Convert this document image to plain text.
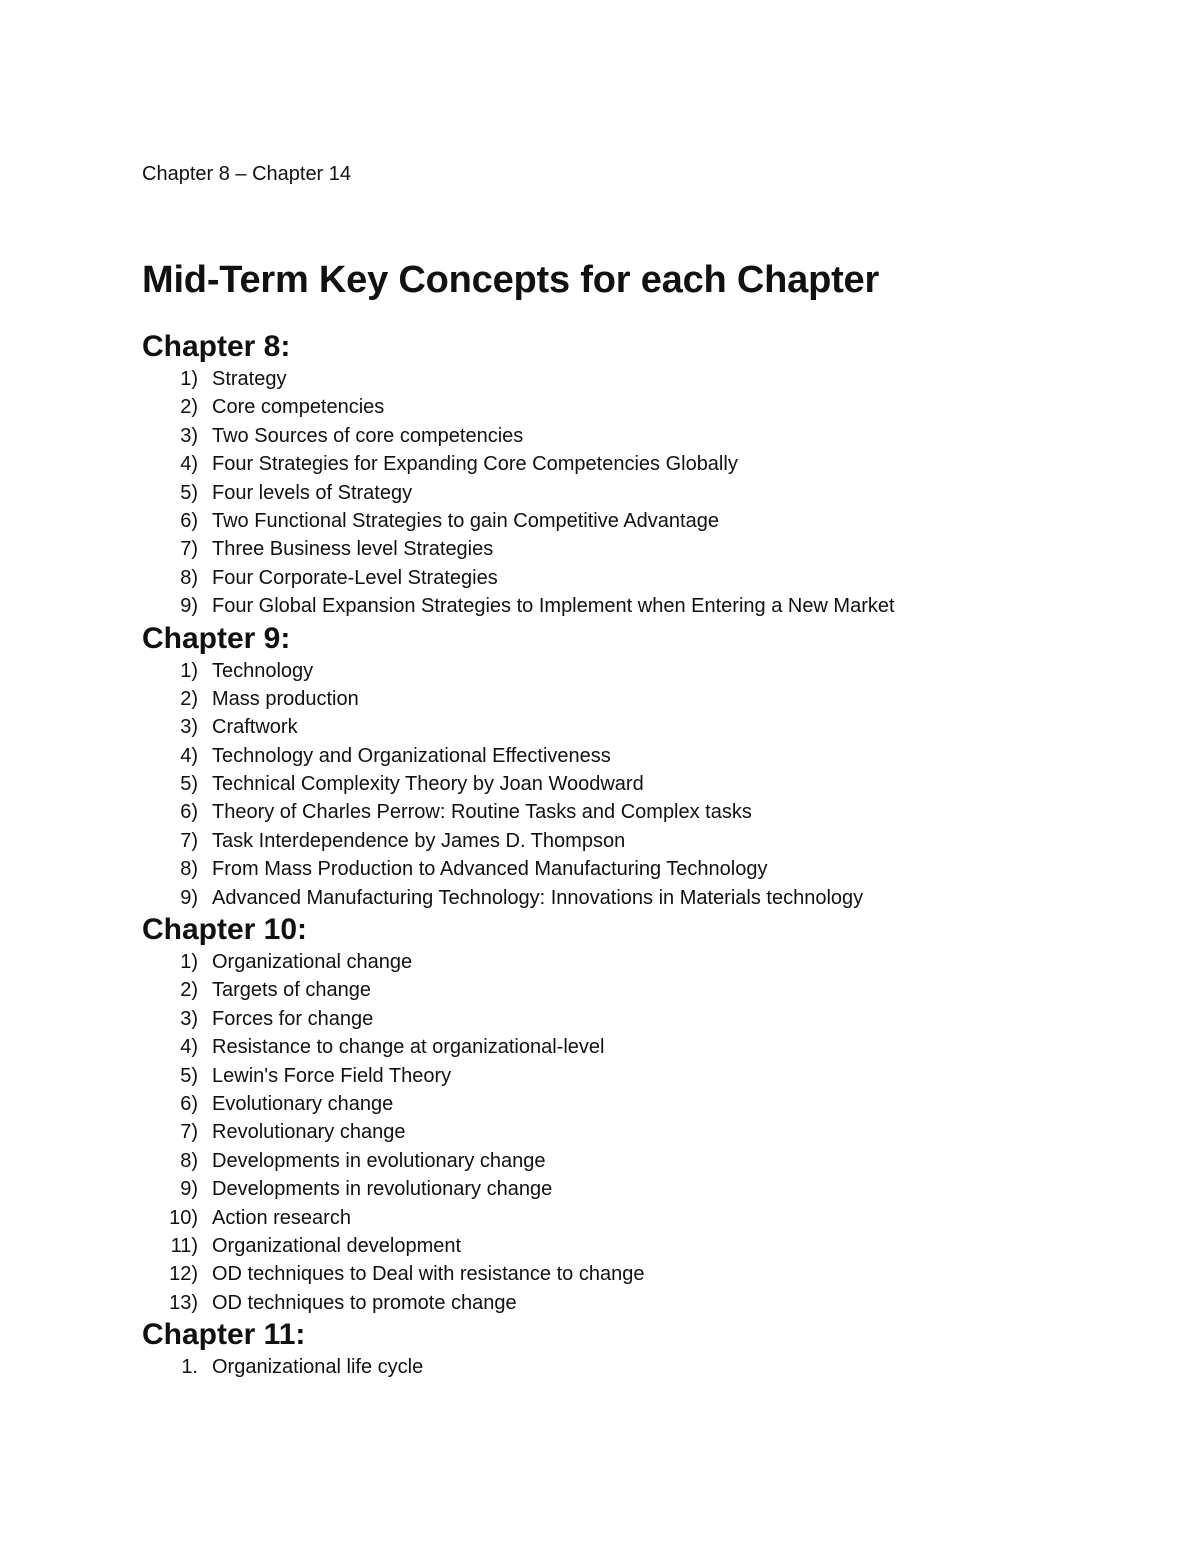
Chapter 8 – Chapter 14
Mid-Term Key Concepts for each Chapter
Chapter 8:
1) Strategy
2) Core competencies
3) Two Sources of core competencies
4) Four Strategies for Expanding Core Competencies Globally
5) Four levels of Strategy
6) Two Functional Strategies to gain Competitive Advantage
7) Three Business level Strategies
8) Four Corporate-Level Strategies
9) Four Global Expansion Strategies to Implement when Entering a New Market
Chapter 9:
1) Technology
2) Mass production
3) Craftwork
4) Technology and Organizational Effectiveness
5) Technical Complexity Theory by Joan Woodward
6) Theory of Charles Perrow: Routine Tasks and Complex tasks
7) Task Interdependence by James D. Thompson
8) From Mass Production to Advanced Manufacturing Technology
9) Advanced Manufacturing Technology: Innovations in Materials technology
Chapter 10:
1) Organizational change
2) Targets of change
3) Forces for change
4) Resistance to change at organizational-level
5) Lewin's Force Field Theory
6) Evolutionary change
7) Revolutionary change
8) Developments in evolutionary change
9) Developments in revolutionary change
10) Action research
11) Organizational development
12) OD techniques to Deal with resistance to change
13) OD techniques to promote change
Chapter 11:
1. Organizational life cycle
